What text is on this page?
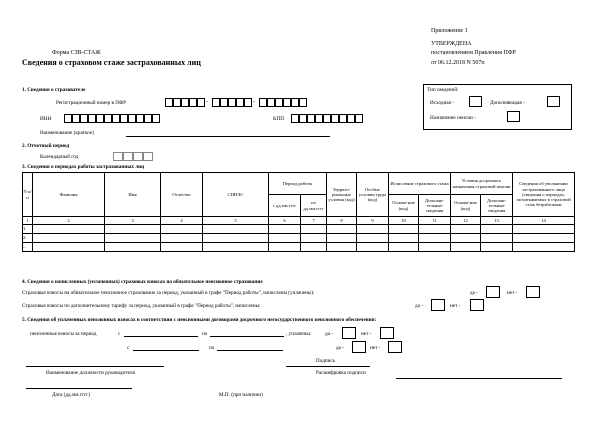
Приложение 1
УТВЕРЖДЕНА
постановлением Правления ПФР
от 06.12.2018 N 507п
Форма СЗВ-СТАЖ
Сведения о страховом стаже застрахованных лиц
1. Сведения о страхователе
Регистрационный номер в ПФР	-	-
ИНН	КПП
Наименование (краткое)
Тип сведений:
Исходная -	Дополняющая -
Назначение пенсии -
2. Отчетный период
Календарный год
3. Сведения о периодах работы застрахованных лиц
N п/п	Фамилия	Имя	Отчество	СНИЛС	Период работы		Террито-риальные условия (код)	Особые условия труда (код)	Исчисление страхового стажа		Условия досрочного назначения страховой пенсии		Сведения об увольнении застрахованного лица (сведения о периодах, засчитываемых в страховой стаж безработным
					с дд.мм.гггг	по дд.мм.гггг			Основа-ние (код)	Дополни-тельные сведения	Основа-ние (код)	Дополни-тельные сведения	
1	2	3	4	5	6	7	8	9	10	11	12	13	14
1.													
2.													
...													
4. Сведения о начисленных (уплаченных) страховых взносах на обязательное пенсионное страхование
Страховые взносы на обязательное пенсионное страхование за период, указанный в графе "Период работы", начислены (уплачены):	да -	нет -
Страховые взносы по дополнительному тарифу за период, указанный в графе "Период работы", начислены:	да -	нет -
5. Сведения об уплаченных пенсионных взносах в соответствии с пенсионными договорами досрочного негосударственного пенсионного обеспечения:
пенсионные взносы за период	с	по	, уплачены:	да -	нет -
с	по	да -	нет -
Подпись
Наименование должности руководителя	Расшифровка подписи
Дата (дд.мм.гггг)	М.П. (при наличии)
